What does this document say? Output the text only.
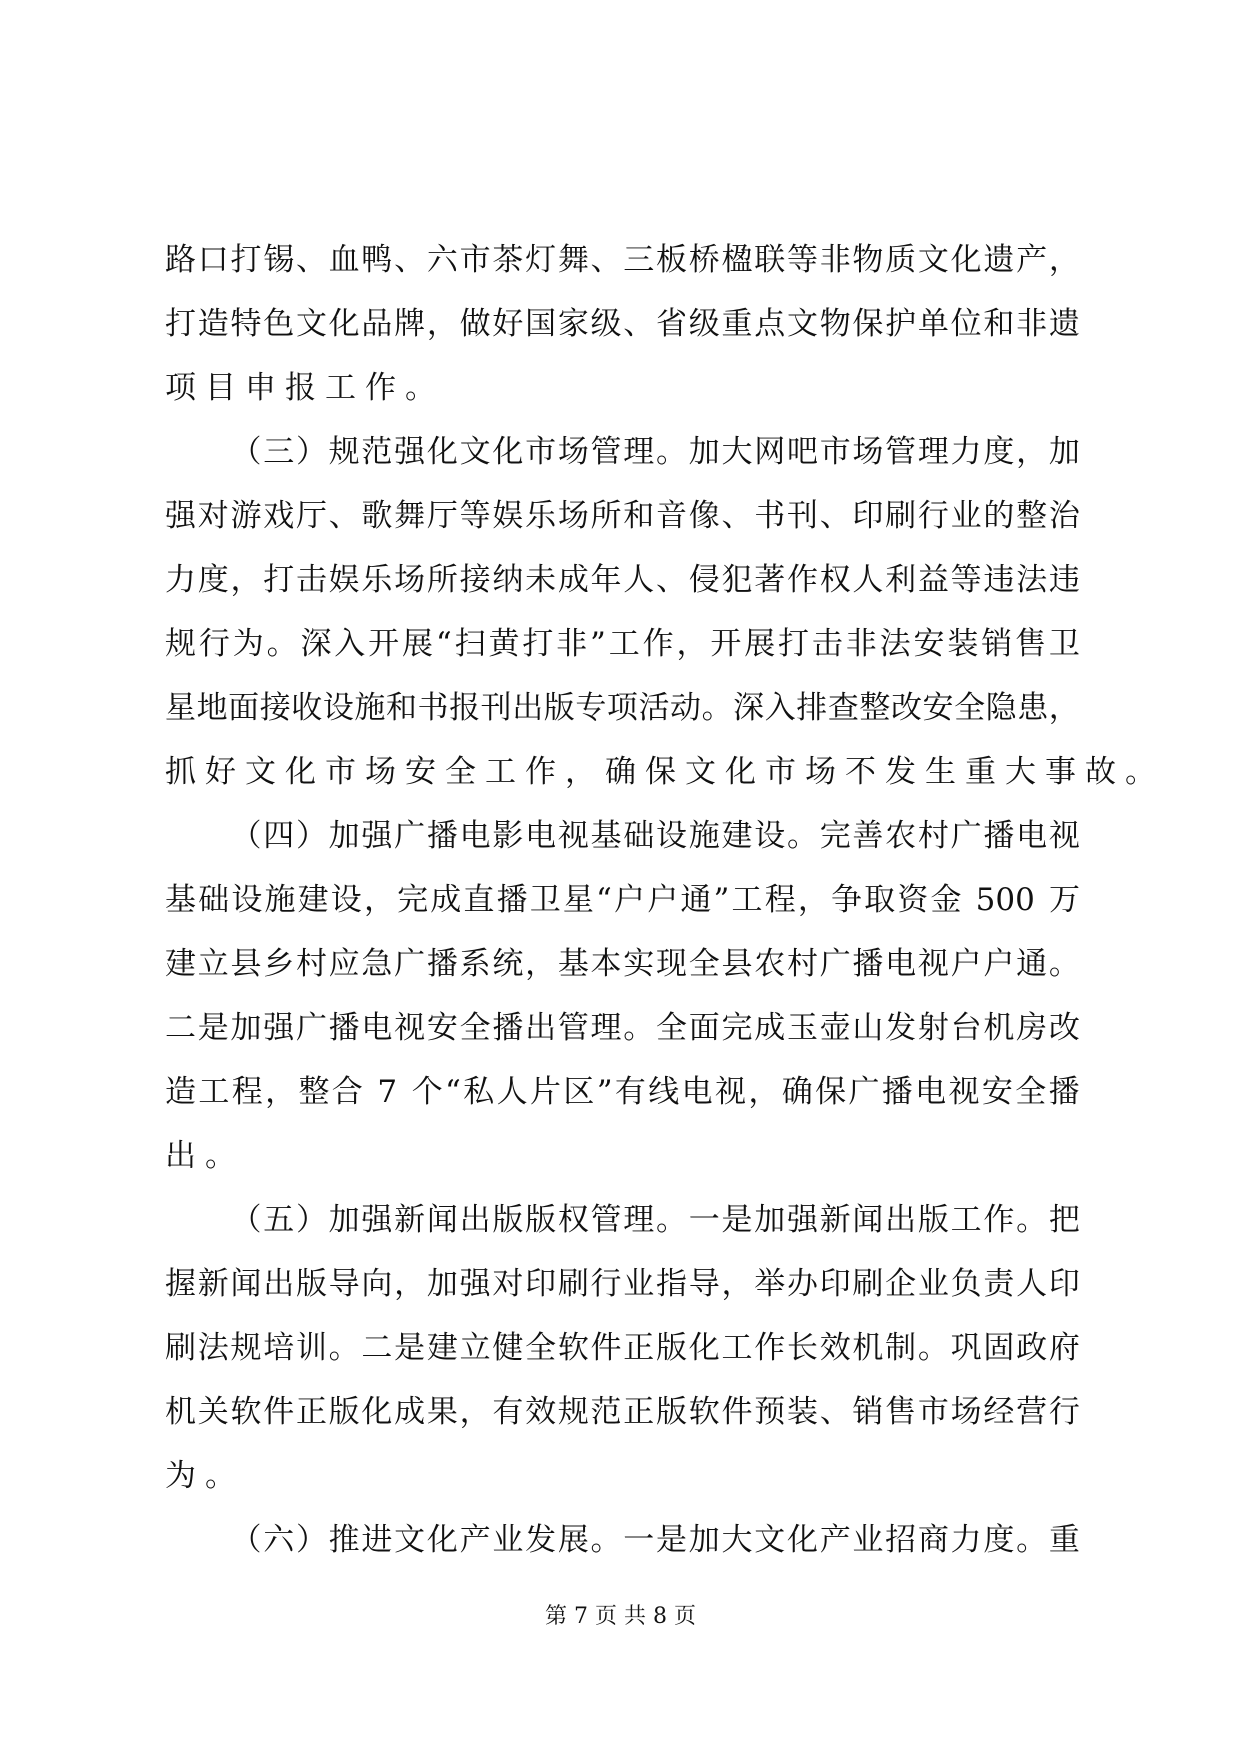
路 口 打 锡 、 血 鸭 、 六 市 茶 灯 舞 、 三 板 桥 楹 联 等 非 物 质 文 化 遗 产 ，
打 造 特 色 文 化 品 牌 ， 做 好 国 家 级 、 省 级 重 点 文 物 保 护 单 位 和 非 遗
项目申报工作。

（ 三 ） 规 范 强 化 文 化 市 场 管 理 。 加 大 网 吧 市 场 管 理 力 度 ， 加
强 对 游 戏 厅 、 歌 舞 厅 等 娱 乐 场 所 和 音 像 、 书 刊 、 印 刷 行 业 的 整 治
力 度 ， 打 击 娱 乐 场 所 接 纳 未 成 年 人 、 侵 犯 著 作 权 人 利 益 等 违 法 违
规 行 为 。 深 入 开 展 “ 扫 黄 打 非 ” 工 作 ， 开 展 打 击 非 法 安 装 销 售 卫
星 地 面 接 收 设 施 和 书 报 刊 出 版 专 项 活 动 。 深 入 排 查 整 改 安 全 隐 患 ，
抓好文化市场安全工作，确保文化市场不发生重大事故。

（ 四 ） 加 强 广 播 电 影 电 视 基 础 设 施 建 设 。 完 善 农 村 广 播 电 视
基 础 设 施 建 设 ， 完 成 直 播 卫 星 “ 户 户 通 ” 工 程 ， 争 取 资 金
500
万
建 立 县 乡 村 应 急 广 播 系 统 ， 基 本 实 现 全 县 农 村 广 播 电 视 户 户 通 。
二 是 加 强 广 播 电 视 安 全 播 出 管 理 。 全 面 完 成 玉 壶 山 发 射 台 机 房 改
造 工 程 ， 整 合
7
个 “ 私 人 片 区 ” 有 线 电 视 ， 确 保 广 播 电 视 安 全 播
出。

（ 五 ） 加 强 新 闻 出 版 版 权 管 理 。 一 是 加 强 新 闻 出 版 工 作 。 把
握 新 闻 出 版 导 向 ， 加 强 对 印 刷 行 业 指 导 ， 举 办 印 刷 企 业 负 责 人 印
刷 法 规 培 训 。 二 是 建 立 健 全 软 件 正 版 化 工 作 长 效 机 制 。 巩 固 政 府
机 关 软 件 正 版 化 成 果 ， 有 效 规 范 正 版 软 件 预 装 、 销 售 市 场 经 营 行
为。

（ 六 ） 推 进 文 化 产 业 发 展 。 一 是 加 大 文 化 产 业 招 商 力 度 。 重
第 7 页 共 8 页
